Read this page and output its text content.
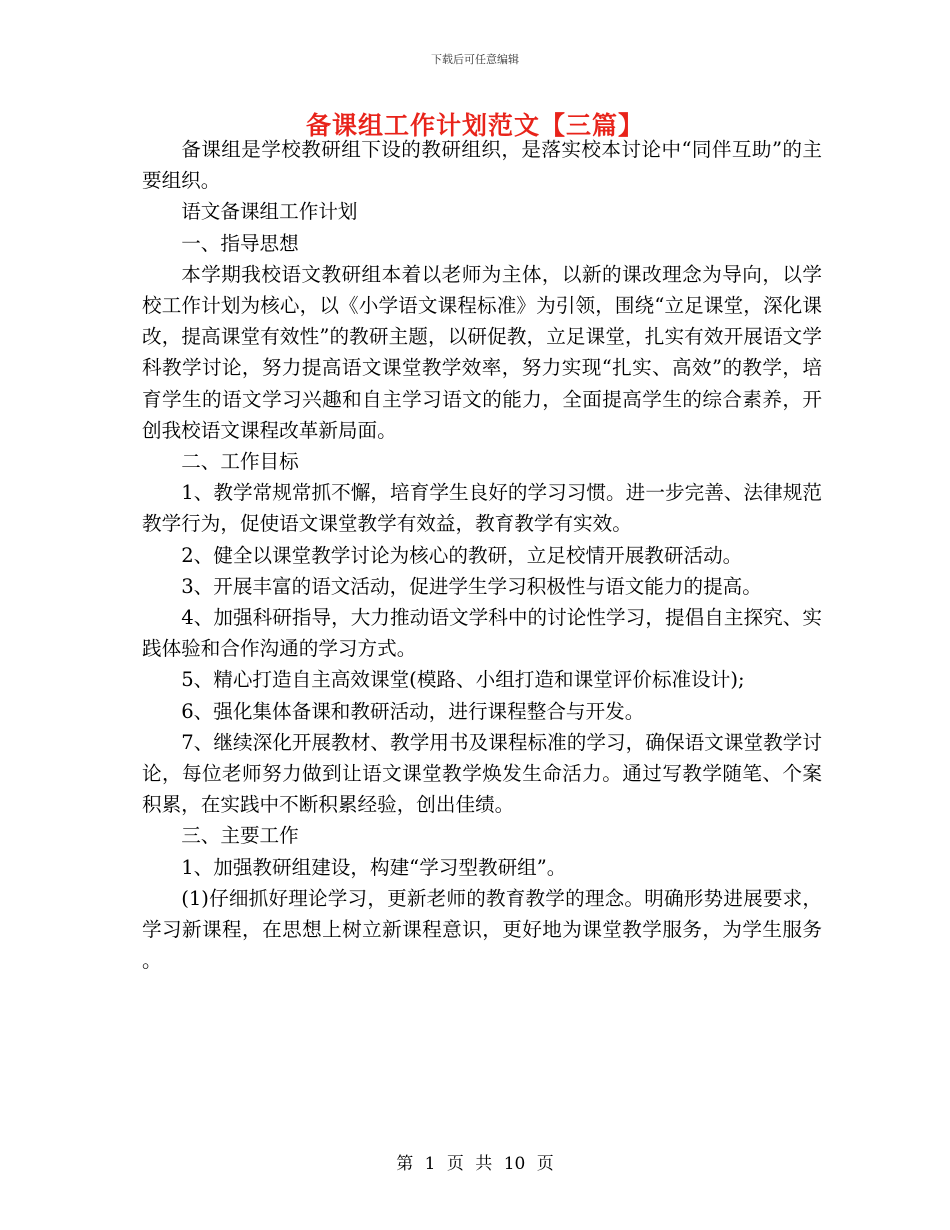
下载后可任意编辑
备课组工作计划范文【三篇】

备课组是学校教研组下设的教研组织，是落实校本讨论中“同伴互助”的主要组织。

语文备课组工作计划

一、指导思想

本学期我校语文教研组本着以老师为主体，以新的课改理念为导向，以学校工作计划为核心，以《小学语文课程标准》为引领，围绕“立足课堂，深化课改，提高课堂有效性”的教研主题，以研促教，立足课堂，扎实有效开展语文学科教学讨论，努力提高语文课堂教学效率，努力实现“扎实、高效”的教学，培育学生的语文学习兴趣和自主学习语文的能力，全面提高学生的综合素养，开创我校语文课程改革新局面。

二、工作目标

1、教学常规常抓不懈，培育学生良好的学习习惯。进一步完善、法律规范教学行为，促使语文课堂教学有效益，教育教学有实效。

2、健全以课堂教学讨论为核心的教研，立足校情开展教研活动。

3、开展丰富的语文活动，促进学生学习积极性与语文能力的提高。

4、加强科研指导，大力推动语文学科中的讨论性学习，提倡自主探究、实践体验和合作沟通的学习方式。

5、精心打造自主高效课堂(模路、小组打造和课堂评价标准设计);

6、强化集体备课和教研活动，进行课程整合与开发。

7、继续深化开展教材、教学用书及课程标准的学习，确保语文课堂教学讨论，每位老师努力做到让语文课堂教学焕发生命活力。通过写教学随笔、个案积累，在实践中不断积累经验，创出佳绩。

三、主要工作

1、加强教研组建设，构建“学习型教研组”。

(1)仔细抓好理论学习，更新老师的教育教学的理念。明确形势进展要求，学习新课程，在思想上树立新课程意识，更好地为课堂教学服务，为学生服务。

第 1 页 共 10 页
